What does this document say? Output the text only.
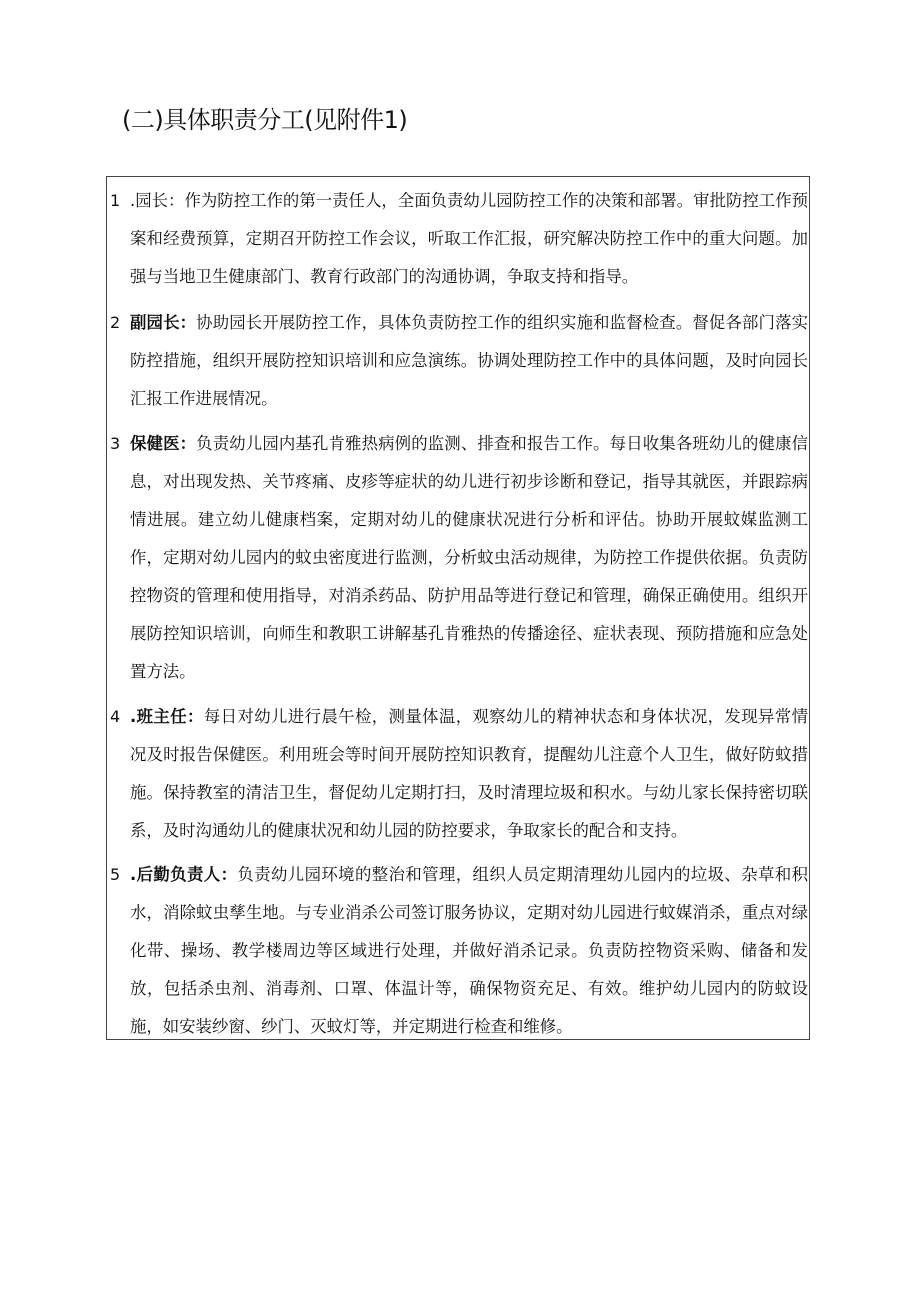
(二)具体职责分工(见附件1)
1 .园长：作为防控工作的第一责任人，全面负责幼儿园防控工作的决策和部署。审批防控工作预案和经费预算，定期召开防控工作会议，听取工作汇报，研究解决防控工作中的重大问题。加强与当地卫生健康部门、教育行政部门的沟通协调，争取支持和指导。
2 副园长：协助园长开展防控工作，具体负责防控工作的组织实施和监督检查。督促各部门落实防控措施，组织开展防控知识培训和应急演练。协调处理防控工作中的具体问题，及时向园长汇报工作进展情况。
3 保健医：负责幼儿园内基孔肯雅热病例的监测、排查和报告工作。每日收集各班幼儿的健康信息，对出现发热、关节疼痛、皮疹等症状的幼儿进行初步诊断和登记，指导其就医，并跟踪病情进展。建立幼儿健康档案，定期对幼儿的健康状况进行分析和评估。协助开展蚊媒监测工作，定期对幼儿园内的蚊虫密度进行监测，分析蚊虫活动规律，为防控工作提供依据。负责防控物资的管理和使用指导，对消杀药品、防护用品等进行登记和管理，确保正确使用。组织开展防控知识培训，向师生和教职工讲解基孔肯雅热的传播途径、症状表现、预防措施和应急处置方法。
4 .班主任：每日对幼儿进行晨午检，测量体温，观察幼儿的精神状态和身体状况，发现异常情况及时报告保健医。利用班会等时间开展防控知识教育，提醒幼儿注意个人卫生，做好防蚊措施。保持教室的清洁卫生，督促幼儿定期打扫，及时清理垃圾和积水。与幼儿家长保持密切联系，及时沟通幼儿的健康状况和幼儿园的防控要求，争取家长的配合和支持。
5 .后勤负责人：负责幼儿园环境的整治和管理，组织人员定期清理幼儿园内的垃圾、杂草和积水，消除蚊虫孳生地。与专业消杀公司签订服务协议，定期对幼儿园进行蚊媒消杀，重点对绿化带、操场、教学楼周边等区域进行处理，并做好消杀记录。负责防控物资采购、储备和发放，包括杀虫剂、消毒剂、口罩、体温计等，确保物资充足、有效。维护幼儿园内的防蚊设施，如安装纱窗、纱门、灭蚊灯等，并定期进行检查和维修。
